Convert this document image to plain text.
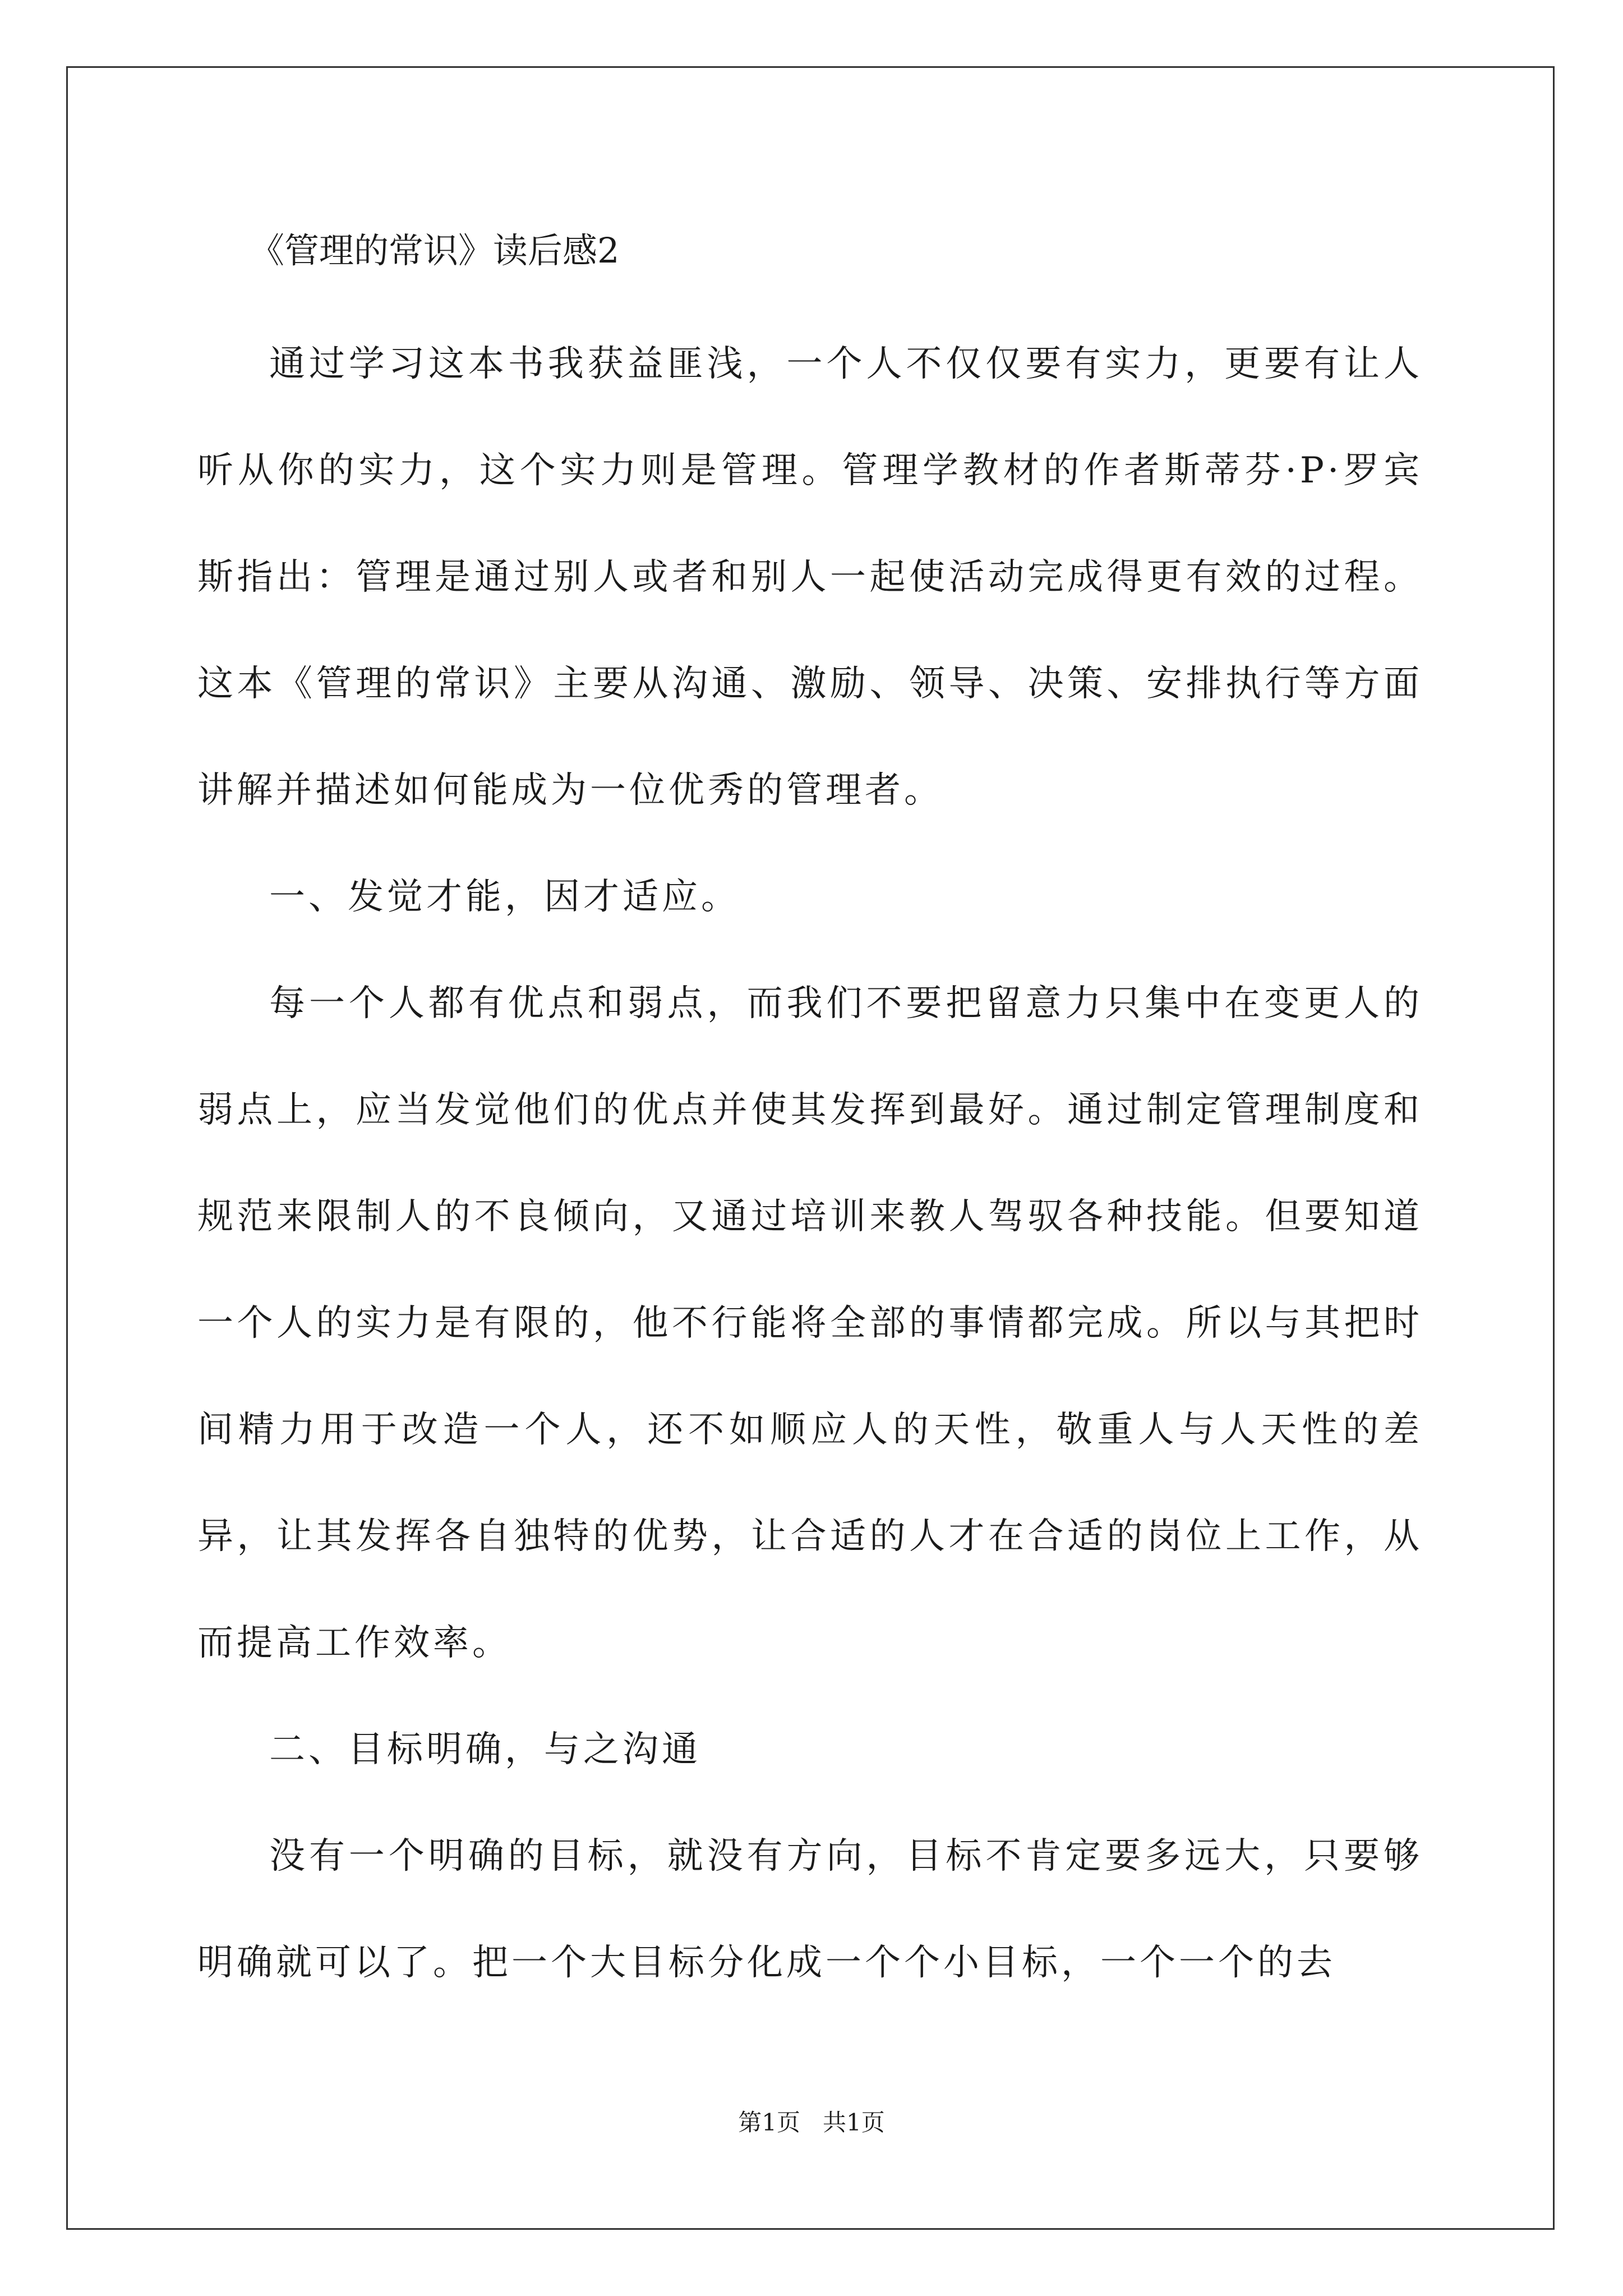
《管理的常识》读后感2

通过学习这本书我获益匪浅，一个人不仅仅要有实力，更要有让人听从你的实力，这个实力则是管理。管理学教材的作者斯蒂芬·P·罗宾斯指出：管理是通过别人或者和别人一起使活动完成得更有效的过程。这本《管理的常识》主要从沟通、激励、领导、决策、安排执行等方面讲解并描述如何能成为一位优秀的管理者。

一、发觉才能，因才适应。

每一个人都有优点和弱点，而我们不要把留意力只集中在变更人的弱点上，应当发觉他们的优点并使其发挥到最好。通过制定管理制度和规范来限制人的不良倾向，又通过培训来教人驾驭各种技能。但要知道一个人的实力是有限的，他不行能将全部的事情都完成。所以与其把时间精力用于改造一个人，还不如顺应人的天性，敬重人与人天性的差异，让其发挥各自独特的优势，让合适的人才在合适的岗位上工作，从而提高工作效率。

二、目标明确，与之沟通

没有一个明确的目标，就没有方向，目标不肯定要多远大，只要够明确就可以了。把一个大目标分化成一个个小目标，一个一个的去

第1页   共1页
